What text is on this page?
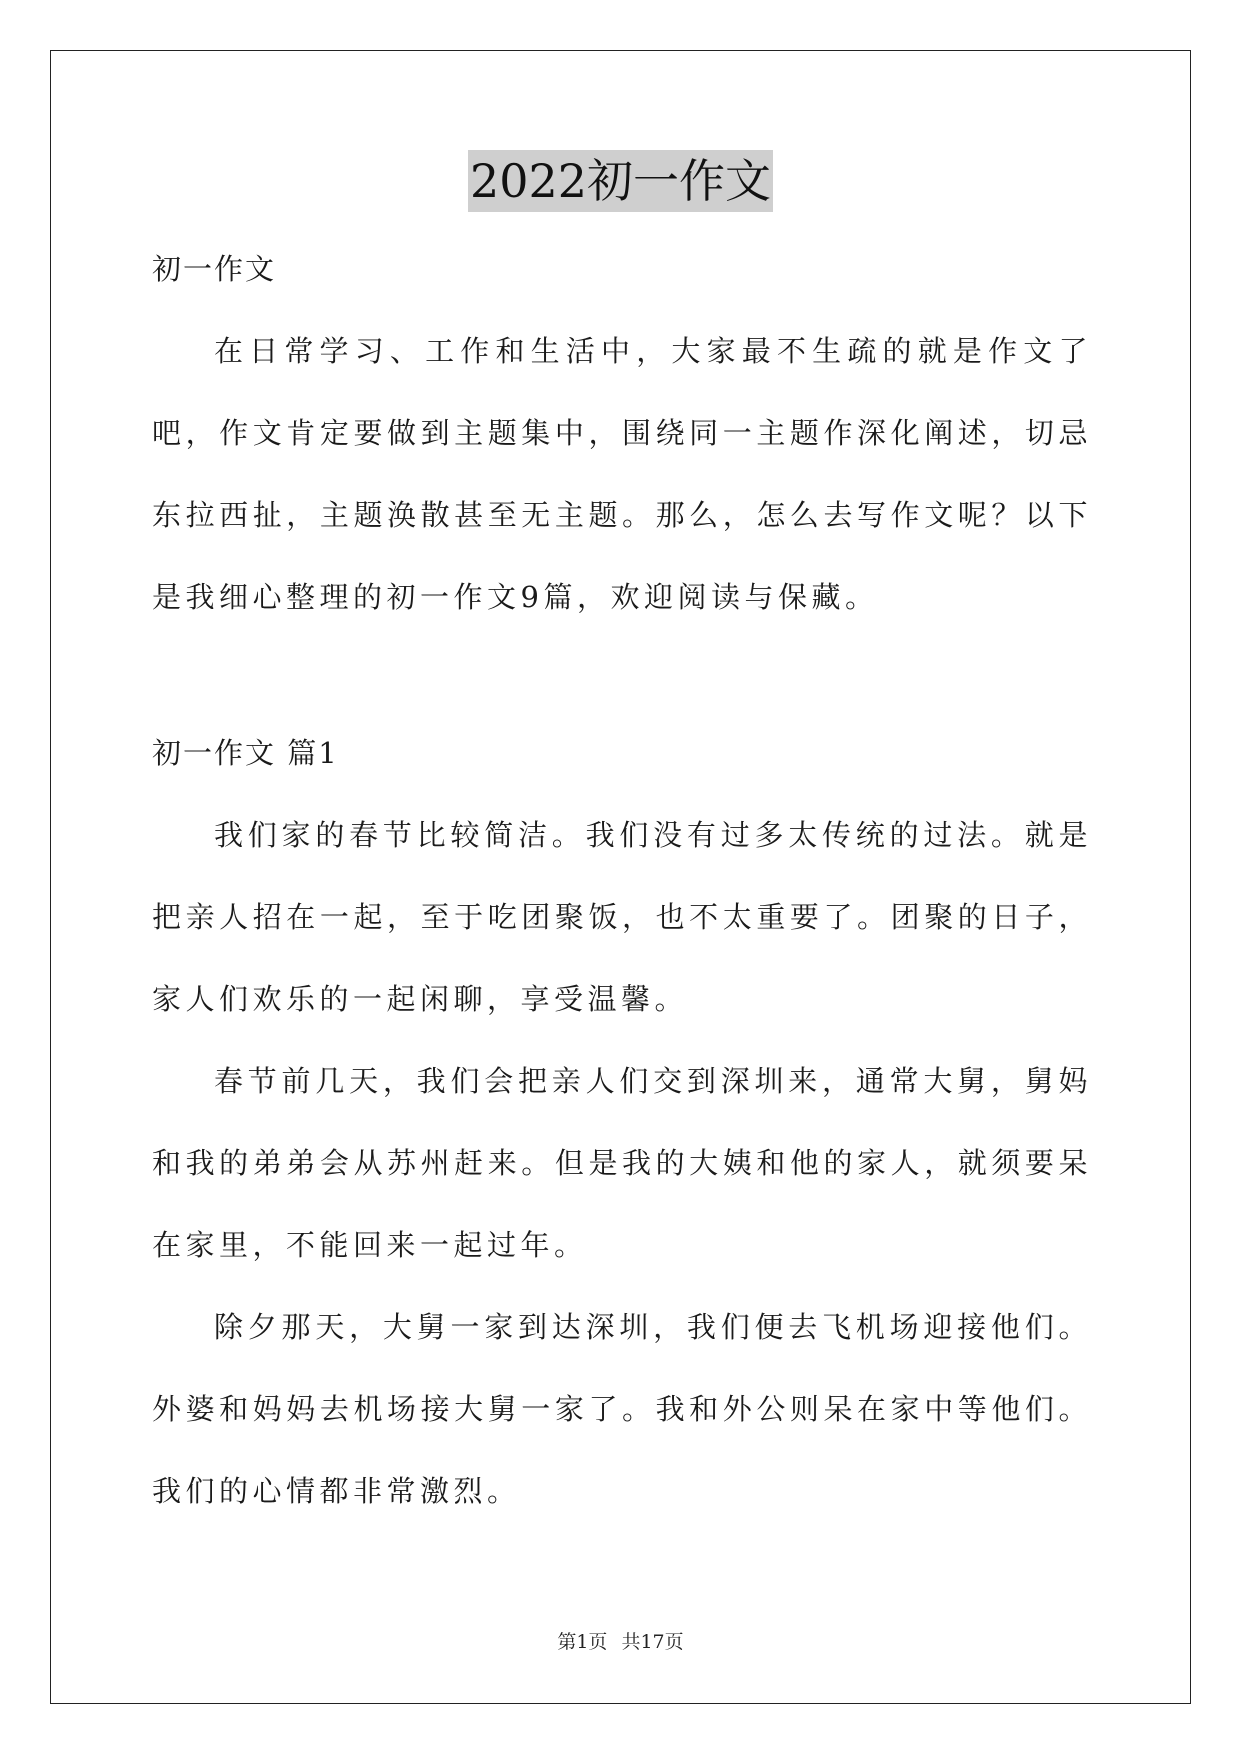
2022初一作文

初一作文

在日常学习、工作和生活中，大家最不生疏的就是作文了吧，作文肯定要做到主题集中，围绕同一主题作深化阐述，切忌东拉西扯，主题涣散甚至无主题。那么，怎么去写作文呢？以下是我细心整理的初一作文9篇，欢迎阅读与保藏。

初一作文 篇1

我们家的春节比较简洁。我们没有过多太传统的过法。就是把亲人招在一起，至于吃团聚饭，也不太重要了。团聚的日子，家人们欢乐的一起闲聊，享受温馨。

春节前几天，我们会把亲人们交到深圳来，通常大舅，舅妈和我的弟弟会从苏州赶来。但是我的大姨和他的家人，就须要呆在家里，不能回来一起过年。

除夕那天，大舅一家到达深圳，我们便去飞机场迎接他们。外婆和妈妈去机场接大舅一家了。我和外公则呆在家中等他们。我们的心情都非常激烈。

第1页 共17页
